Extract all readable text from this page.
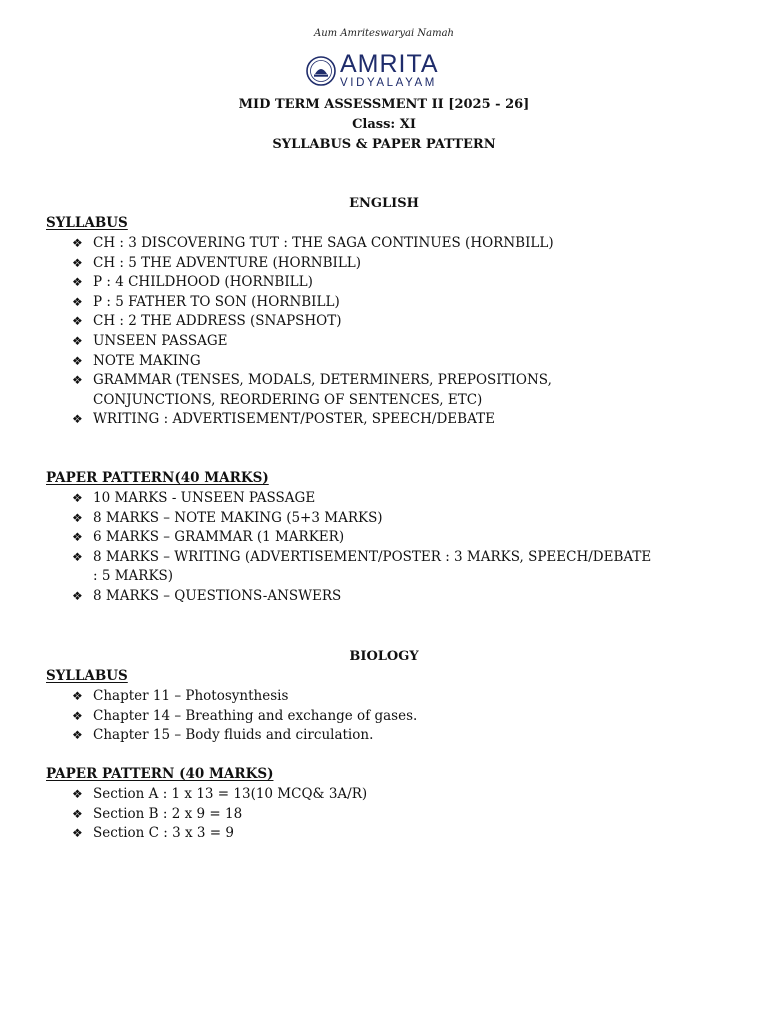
Aum Amriteswaryai Namah
AMRITA
VIDYALAYAM
MID TERM ASSESSMENT II [2025 - 26]
Class: XI
SYLLABUS & PAPER PATTERN
ENGLISH
SYLLABUS
❖ CH : 3 DISCOVERING TUT : THE SAGA CONTINUES (HORNBILL)
❖ CH : 5 THE ADVENTURE (HORNBILL)
❖ P : 4 CHILDHOOD (HORNBILL)
❖ P : 5 FATHER TO SON (HORNBILL)
❖ CH : 2 THE ADDRESS (SNAPSHOT)
❖ UNSEEN PASSAGE
❖ NOTE MAKING
❖ GRAMMAR (TENSES, MODALS, DETERMINERS, PREPOSITIONS,
CONJUNCTIONS, REORDERING OF SENTENCES, ETC)
❖ WRITING : ADVERTISEMENT/POSTER, SPEECH/DEBATE
PAPER PATTERN(40 MARKS)
❖ 10 MARKS - UNSEEN PASSAGE
❖ 8 MARKS – NOTE MAKING (5+3 MARKS)
❖ 6 MARKS – GRAMMAR (1 MARKER)
❖ 8 MARKS – WRITING (ADVERTISEMENT/POSTER : 3 MARKS, SPEECH/DEBATE
: 5 MARKS)
❖ 8 MARKS – QUESTIONS-ANSWERS
BIOLOGY
SYLLABUS
❖ Chapter 11 – Photosynthesis
❖ Chapter 14 – Breathing and exchange of gases.
❖ Chapter 15 – Body fluids and circulation.
PAPER PATTERN (40 MARKS)
❖ Section A : 1 x 13 = 13(10 MCQ& 3A/R)
❖ Section B : 2 x 9 = 18
❖ Section C : 3 x 3 = 9
